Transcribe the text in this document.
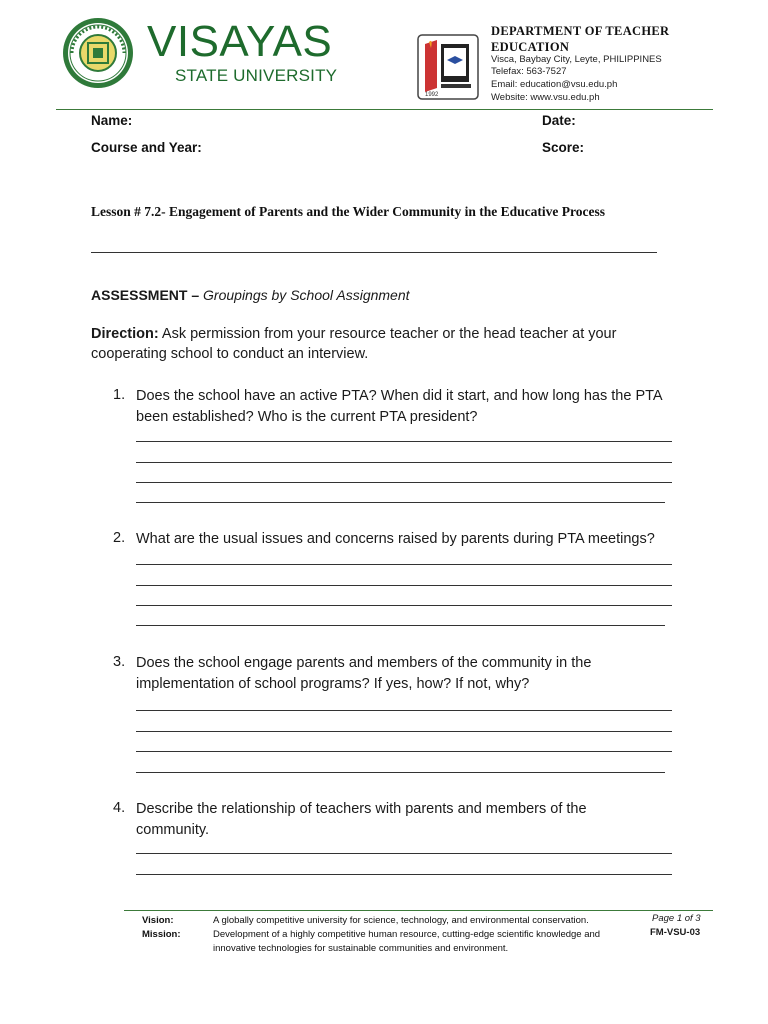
VISAYAS
STATE UNIVERSITY
1992
DEPARTMENT OF TEACHER EDUCATION
Visca, Baybay City, Leyte, PHILIPPINES
Telefax: 563-7527
Email: education@vsu.edu.ph
Website: www.vsu.edu.ph
Name:	Date:
Course and Year:	Score:
Lesson # 7.2- Engagement of Parents and the Wider Community in the Educative Process
ASSESSMENT – Groupings by School Assignment
Direction: Ask permission from your resource teacher or the head teacher at your cooperating school to conduct an interview.
1. Does the school have an active PTA? When did it start, and how long has the PTA been established? Who is the current PTA president?
2. What are the usual issues and concerns raised by parents during PTA meetings?
3. Does the school engage parents and members of the community in the implementation of school programs? If yes, how? If not, why?
4. Describe the relationship of teachers with parents and members of the community.
Vision:
Mission:
A globally competitive university for science, technology, and environmental conservation.
Development of a highly competitive human resource, cutting-edge scientific knowledge and innovative technologies for sustainable communities and environment.
Page 1 of 3
FM-VSU-03
